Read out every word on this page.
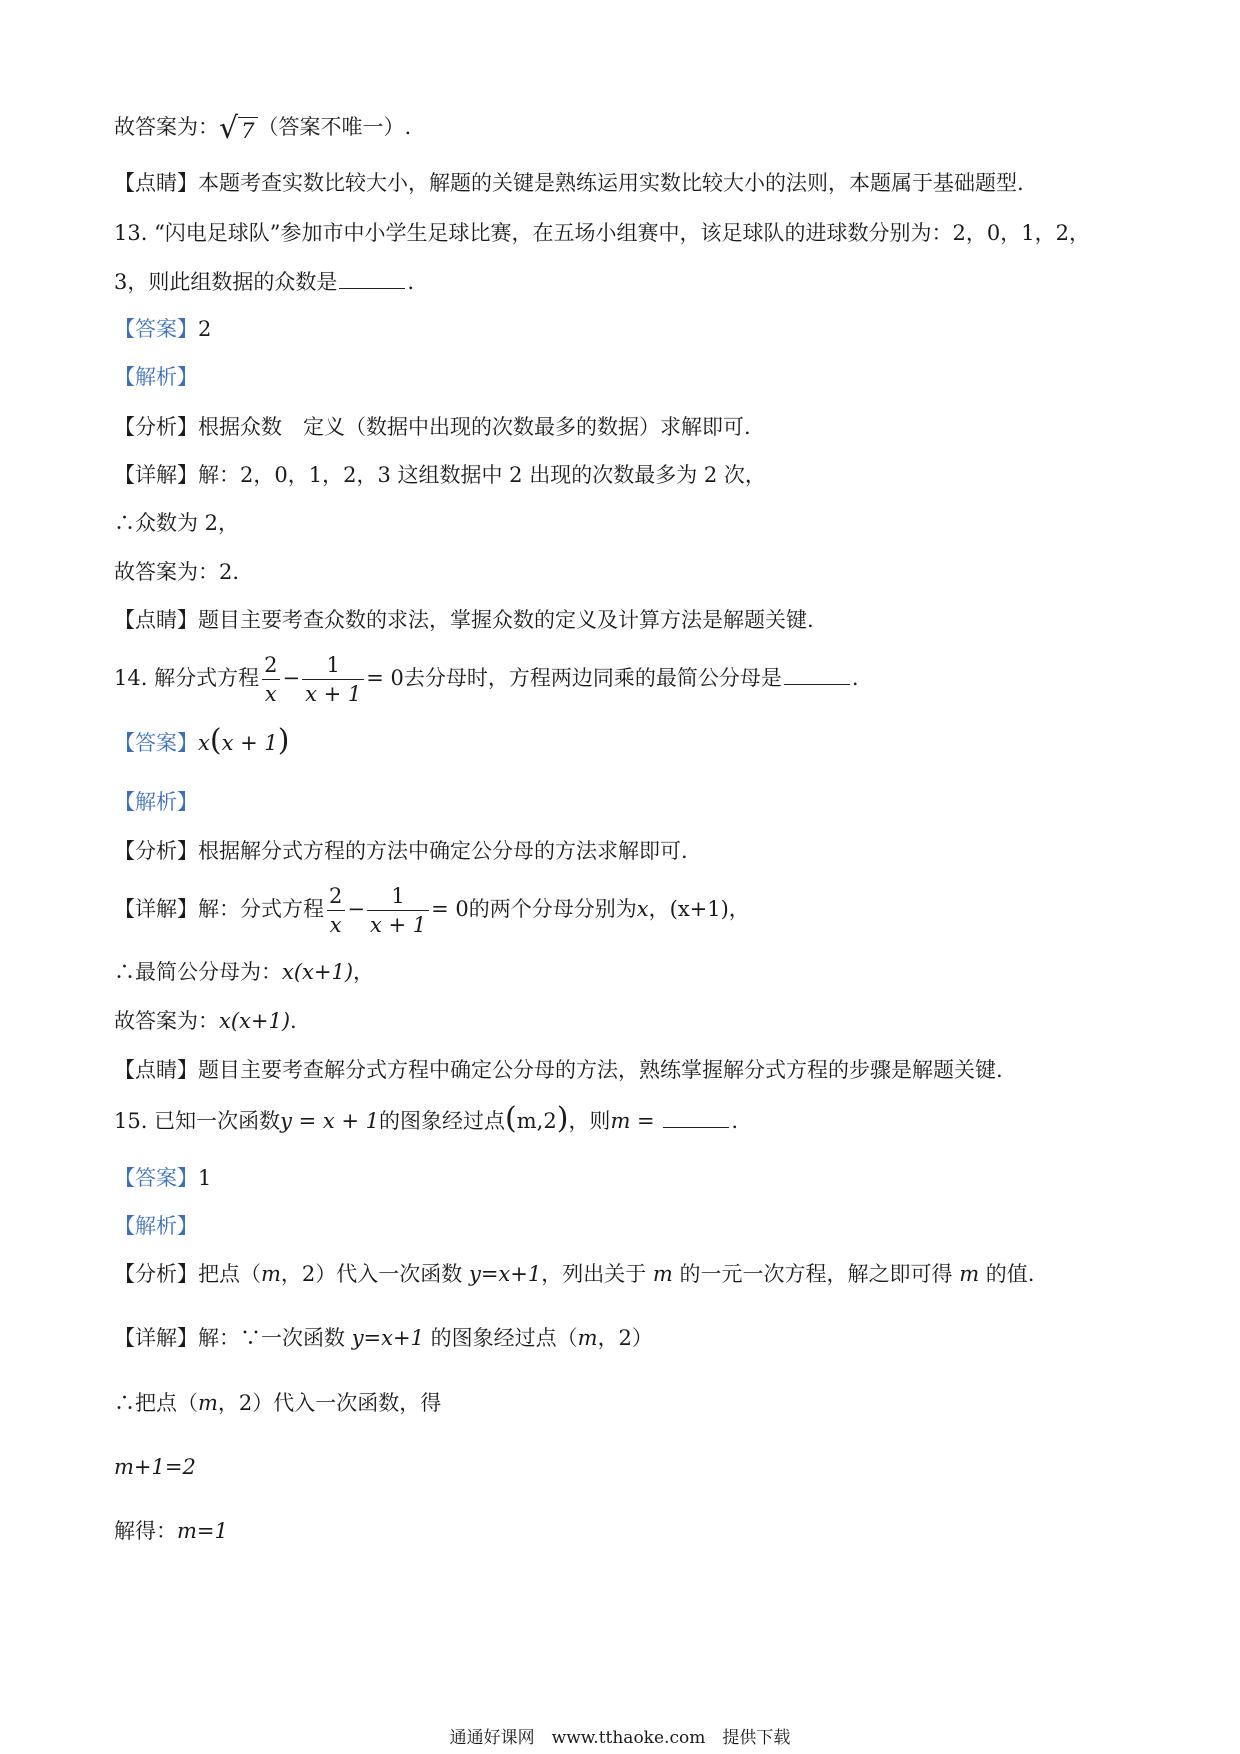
故答案为： √ 7 （答案不唯一）.
【点睛】本题考查实数比较大小，解题的关键是熟练运用实数比较大小的法则，本题属于基础题型.
13. “闪电足球队”参加市中小学生足球比赛，在五场小组赛中，该足球队的进球数分别为：2，0，1，2，
3，则此组数据的众数是	.
【答案】2
【解析】
【分析】根据众数　定义（数据中出现的次数最多的数据）求解即可.
【详解】解：2，0，1，2，3 这组数据中 2 出现的次数最多为 2 次，
∴众数为 2，
故答案为：2.
【点睛】题目主要考查众数的求法，掌握众数的定义及计算方法是解题关键.
14. 解分式方程 $\frac{2}{x} - \frac{1}{x + 1} = 0$去分母时，方程两边同乘的最简公分母是	.
【答案】x(x + 1)
【解析】
【分析】根据解分式方程的方法中确定公分母的方法求解即可.
【详解】解：分式方程 $\frac{2}{x} - \frac{1}{x + 1} = 0$的两个分母分别为x，(x+1)，
∴最简公分母为：x(x+1)，
故答案为：x(x+1).
【点睛】题目主要考查解分式方程中确定公分母的方法，熟练掌握解分式方程的步骤是解题关键.
15. 已知一次函数y = x + 1的图象经过点(m,2)，则m =	.
【答案】1
【解析】
【分析】把点（m，2）代入一次函数 y=x+1，列出关于 m 的一元一次方程，解之即可得 m 的值.
【详解】解：∵一次函数 y=x+1 的图象经过点（m，2）
∴把点（m，2）代入一次函数，得
m+1=2
解得：m=1
通通好课网　www.tthaoke.com　提供下载
